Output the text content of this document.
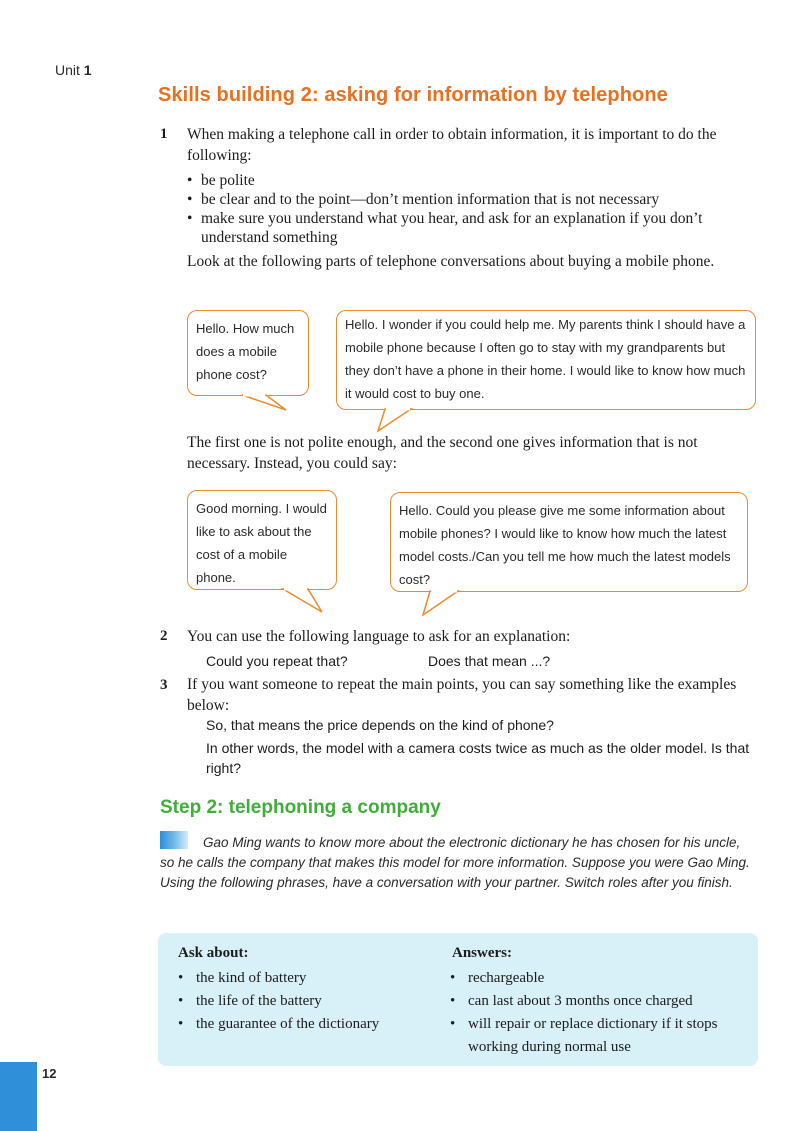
Unit 1
Skills building 2: asking for information by telephone
1 When making a telephone call in order to obtain information, it is important to do the following:
• be polite
• be clear and to the point—don’t mention information that is not necessary
• make sure you understand what you hear, and ask for an explanation if you don’t understand something
Look at the following parts of telephone conversations about buying a mobile phone.
Hello. How much does a mobile phone cost?
Hello. I wonder if you could help me. My parents think I should have a mobile phone because I often go to stay with my grandparents but they don’t have a phone in their home. I would like to know how much it would cost to buy one.
The first one is not polite enough, and the second one gives information that is not necessary. Instead, you could say:
Good morning. I would like to ask about the cost of a mobile phone.
Hello. Could you please give me some information about mobile phones? I would like to know how much the latest model costs./Can you tell me how much the latest models cost?
2 You can use the following language to ask for an explanation:
Could you repeat that?	Does that mean ...?
3 If you want someone to repeat the main points, you can say something like the examples below:
So, that means the price depends on the kind of phone?
In other words, the model with a camera costs twice as much as the older model. Is that right?
Step 2: telephoning a company
Gao Ming wants to know more about the electronic dictionary he has chosen for his uncle, so he calls the company that makes this model for more information. Suppose you were Gao Ming. Using the following phrases, have a conversation with your partner. Switch roles after you finish.
Ask about:	Answers:
• the kind of battery
• the life of the battery
• the guarantee of the dictionary
• rechargeable
• can last about 3 months once charged
• will repair or replace dictionary if it stops working during normal use
12
